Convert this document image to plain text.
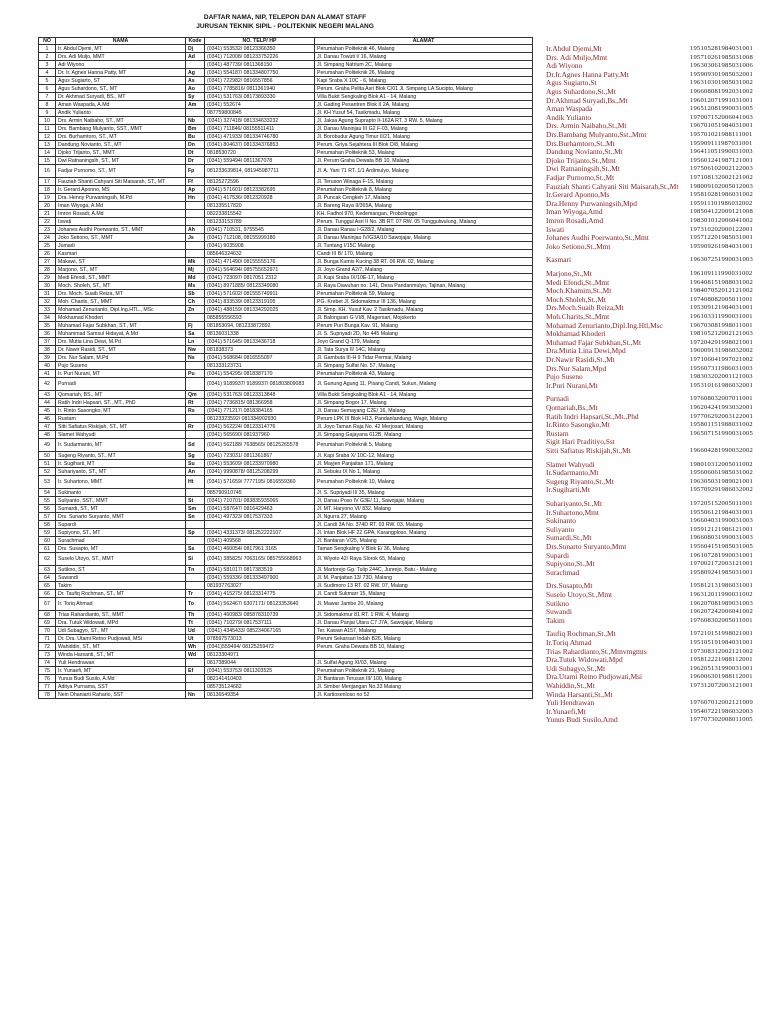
DAFTAR NAMA, NIP, TELEPON DAN ALAMAT STAFF
JURUSAN TEKNIK SIPIL - POLITEKNIK NEGERI MALANG
NO	NAMA	Kode	NO. TELP/ HP	ALAMAT
1	Ir. Abdul Djemi, MT	Dj	(0341) 553532/ 08123366350	Perumahan Politeknik 46, Malang
2	Drs. Adi Muljo, MMT	Ad	(0341) 712008/ 081233752226	Jl. Danau Towuti I/ 16, Malang
3	Adi Wiyono		(0341) 487739/ 0811368150	Jl. Simpang Natrium 2C, Malang
4	Dr. Ir. Agnes Hanna Patty, MT	Ag	(0341) 554187/ 081334807750	Perumahan Politeknik 26, Malang
5	Agus Sugiarto, ST	As	(0341) 722982/ 0816557856	Kapi Sraba X 10C - 6, Malang
6	Agus Suhardono, ST., MT	Ao	(0341) 7785816/ 0811361940	Perum. Graha Pelita Asri Blok C/01 Jl. Simpang LA Sucipto, Malang
7	Dr. Akhmad Suryadi, BS., MT	Sy	(0341) 531763/ 08173893330	Villa Bukit Sengkaling Blok A1 - 14, Malang
8	Aman Waspada, A.Md	Am	(0341) 552674	Jl. Gading Pesantren Blok II 2A, Malang
9	Andik Yulianto		087759800845	Jl. KH Yusuf 54, Tasikmadu, Malang
10	Drs. Armin Naibaho, ST., MT	Nb	(0341) 327418/ 081334633232	Jl. Jaksa Agung Suprapto II-162A RT. 3 RW. 5, Malang
11	Drs. Bambang Mulyanto, SST., MMT	Bm	(0341) 711846/ 08155511411	Jl. Danau Maninjau III G2 F-03, Malang
12	Drs. Burhamtoro, ST., MT	Bu	(0341) 471933/ 081334746780	Jl. Borobudur Agung Timur II/21, Malang
13	Dandung Novianto, ST., MT	Dn	(0341) 804637/ 081334376853	Perum. Griya Sejahtera III Blok D/8, Malang
14	Djoko Trijanto, ST., MMT	Dt	0818530720	Perumahan Politeknik 53, Malang
15	Dwi Ratnaningsih, ST., MT	Dr	(0341) 559494/ 0811367078	Jl. Perum Graha Dewata BB 10, Malang
16	Fadjar Purnomo, ST., MT	Fp	081233639814, 081945987711	Jl. A. Yani 71 RT. 1/1 Ardimulyo, Malang
17	Fauziah Shanti Cahyani Siti Maisarah, ST., MT	Ff	08125272596	Jl. Teruson Winaga F-15, Malang
18	Ir. Gerard Aponno, MS	Ap	(0341) 571601/ 08123382695	Perumahan Politeknik 8, Malang
19	Dra. Henny Purwaningsih, M.Pd	Hn	(0341) 417536/ 0812320928	Jl. Puncak Cengkeh 17, Malang
20	Iman Wiyoga, A.Md		081335517820	Jl. Bareng Raya II/365A, Malang
21	Imron Rosadi, A.Md		082233815542	KH. Fadhol 970, Kedemangan, Probolinggo
22	Iswati		081233153789	Perum. Tunggul Asri II No. 3B RT. 07 RW. 05 Tunggulwulung, Malang
23	Johanes Audhi Poerwanto, ST., MMT	Ah	(0341) 710531, 9755545	Jl. Danau Ranau I-G28/2, Malang
24	Joko Setiono, ST., MMT	Js	(0341) 712108, 08155999180	Jl. Danau Maninjau IV/G3A/10 Sawojajar, Malang
25	Jumadi		(0341) 9035908	Jl. Tuntang I/15C Malang
26	Kasmari		085646324632	Candi III B/ 170, Malang
27	Makawi, ST	Mk	(0341) 471490/ 08155555176	Jl. Bunga Kumis Kucing 38 RT. 06 RW. 02, Malang
28	Marjono, ST., MT	Mj	(0341) 564694/ 085755652971	Jl. Joyo Grand A2/7, Malang
29	Medi Efendi, ST., MMT	Md	(0341) 723097/ 0817051 2312	Jl. Kapi Sraba IX/10E-17, Malang
30	Moch. Sholeh, ST., MT	Ms	(0341) 8971885/ 08123349080	Jl. Raya Dawuhan no. 141, Desa Pandanmulyo, Tajinan, Malang
31	Drs. Moch. Suaib Reiza, MT	Sb	(0341) 571602/ 081555749911	Perumahan Politeknik 59, Malang
32	Moh. Charits, ST., MMT	Ch	(0341) 833539/ 08123319105	PG. Krebet Jl. Sidomakmur III 136, Malang
33	Mohamad Zenurianto, Dipl.Ing.HTL., MSc	Zn	(0341) 488159/ 081334292025	Jl. Simp. KH. Yusuf Kav. 2 Tasikmadu, Malang
34	Mokhamad Khoderi		085855556593	Jl. Balongsari G VI/8, Magersari, Mojokerto
35	Muhamad Fajar Subkhan, ST., MT	Fj	081853094, 081233872892	Perum Puri Bunga Kav. 91, Malang
36	Muhammad Samsul Hidayat, A.Md	Sa	08136031338	Jl. S. Supriyadi 2D, No 445 Malang
37	Drs. Mutia Lina Dewi, M.Pd	Ln	(0341) 571645/ 08133436718	Joyo Grand Q-179, Malang
38	Dr. Nawir Rasidi, ST., MT	Nw	081838373	Jl. Tata Surya II/ 14C, Malang
39	Drs. Nur Salam, M.Pd	Ns	(0341) 568684/ 0816555097	Jl. Gambuta III-H 9 Tidar Permai, Malang
40	Pujo Suseno		081333123731	Jl. Simpang Sulfat No. 57, Malang
41	Ir. Puri Nurani, MT	Pu	(0341) 554295/ 0818387170	Perumahan Politeknik 43, Malang
42	Purnadi		(0341) 9189937/ 9189937/ 081803809083	Jl. Gunung Agung 11, Pisang Candi, Sukun, Malang
43	Qomariah, BS., MT	Qm	(0341) 531763/ 08123313848	Villa Bukit Sengkaling Blok A1 - 14, Malang
44	Ratih Indri Hapsari, ST., MT., PhD	Rt	(0341) 7736815/ 081366958	Jl. Simpang Bogor 17, Malang
45	Ir. Rinto Sasongko, MT	Rs	(0341) 771217/ 0818384165	Jl. Danau Semayang C2E/ 16, Malang
46	Rustam		08123323592/ 081334902930	Perum LPK III Blok H13, Pandanlandung, Wagir, Malang
47	Sitti Safiatus Riskijah, ST., MT	Rr	(0341) 562224/ 08123314776	Jl. Joyo Taman Raja No. 42 Merjosari, Malang
48	Slamet Wahyudi		(0341) 565690/ 081937960	Jl. Simpang Gajayana 612B, Malang
49	Ir. Sudarmanto, MT	Sd	(0341) 562188/ 7638565/ 08125265578	Perumahan Politeknik 5, Malang
50	Sugeng Riyanto, ST., MT	Sg	(0341) 723031/ 0811361867	Jl. Kapi Sraba X/ 10C-12, Malang
51	Ir. Sugiharti, MT	Su	(0341) 553609/ 081233970980	Jl. Mayjen Panjaitan 171, Malang
52	Suhariyanto, ST., MT	An	(0341) 9990878/ 08125208299	Jl. Sebuku IX No 1, Malang
53	Ir. Suhartono, MMT	Ht	(0341) 571659/ 7777195/ 0816559360	Perumahan Politeknik 10, Malang
54	Sukinanto		085790910745	Jl. S. Supriyadi II/ 35, Malang
55	Suliyanto, SST., MMT	St	(0341) 710701/ 083835935065	Jl. Danau Poso IV G3E/ 11, Sawojajar, Malang
56	Sumardi, ST., MT	Sm	(0341) 587647/ 0816429463	Jl. MT. Haryono VI/ 832, Malang
57	Drs. Sunarto Suryanto, MMT	Sn	(0341) 497323/ 0817537333	Jl. Ngurra 27, Malang
58	Supardi			Jl. Candi 3A No. 374D RT. 03 RW. 03, Malang
59	Supiyono, ST., MT	Sp	(0341) 4331373/ 081252222107	Jl. Intan Blok HF 22 GPA, Karangploso, Malang
60	Surachmad		(0341) 409568	Jl. Bantaran V/25, Malang
61	Drs. Susapto, MT	Ss	(0341) 460054/ 0817961 3165	Taman Sengkaling V Blok E/ 36, Malang
62	Suselo Utoyo, ST., MMT	Si	(0341) 385825/ 7063165/ 085755668963	Jl. Wiyoto 42/ Raya Slorok 65, Malang
63	Sutikno, ST	Tn	(0341) 581017/ 0817383519	Jl. Martorejo Gg. Tulip 244C, Junrejo, Batu - Malang
64	Suwandi		(0341) 559336/ 081333497900	Jl. M. Panjaitan 13/ 73D, Malang
65	Takim		081937763027	Jl. Sudimoro 13 RT. 02 RW. 07, Malang
66	Dr. Taufiq Rochman, ST., MT	Tr	(0341) 415275/ 08123314775	Jl. Candi Sukmarr 15, Malang
67	Ir. Toriq Ahmad	To	(0341) 562467/ 6307171/ 08123353640	Jl. Mawar Jambe 20, Malang
68	Trias Rahardianto, ST., MMT	Th	(0341) 460983/ 085878310739	Jl. Sidomakmur 81 RT. 1 RW. 4, Malang
69	Dra. Tutuk Widowati, MPd	Tt	(0341) 710279/ 0817537111	Jl. Danau Panjai Utara C7 J7A, Sawojajar, Malang
70	Udi Subagyo, ST., MT	Ud	(0341) 4345433/ 085234067165	Ter. Kawan A157, Malang
71	Dr. Dra. Utami Retno Pudjowati, MSi	Ut	078597573013	Perum Sekarsari Indah B26, Malang
72	Wahiddin, ST., MT	Wh	(0341)559494/ 08125259472	Perum. Graha Dewata BB 10, Malang
73	Winda Harsanti, ST., MT	Wd	08123304971	
74	Yuli Hendrawan		0817389044	Jl. Sulfat Agung XI/03, Malang
75	Ir. Yunaefi, MT	Ef	(0341) 553753/ 0811303525	Perumahan Politeknik 21, Malang
76	Yunus Budi Susilo, A.Md		082141410403	Jl. Bantaran Terusan III/ 100, Malang
77	Aditya Purnama, SST		085735124682	Jl. Simber Menjangan No.33 Malang
78	Nein Dhaniarti Rahario, SST	Nn	08136549354	Jl. Kartiosenloso no 52
Ir.Abdul Djemi,Mt	195105281984031001
Drs. Adi Muljo,Mmt	195710261985031008
Adi Wiyono	196303061985031006
Dr.Ir.Agnes Hanna Patty,Mt	195909301985032001
Agus Sugiarto,St	196310301985031002
Agus Suhardono,St.,Mt	196608081992031002
Dr.Akhmad Suryadi,Bs.,Mt	196012071991031001
Aman Waspada	196512081990031005
Andik Yulianto	197007152006041003
Drs. Armin Naibaho,St.,Mt	196701051984031001
Drs.Bambang Mulyanto,Sst.,Mmt	195701021988111001
Drs.Burhamtoro,St.,Mt	195909111987031001
Dandung Novianto,St.,Mt	196411051990031003
Djoko Trijanto,St.,Mmt	195601241987121001
Dwi Ratnaningsih,St.,Mt	197506102002122003
Fadjar Purnomo,St.,Mt	197108132002121002
Fauziah Shanti Cahyani Siti Maisarah,St.,Mt 198009102005012003
Ir.Gerard Aponno,Ms	195810281986031002
Dra.Henny Purwaningsih,Mpd	195911101986032002
Iman Wiyoga,Amd	198504122009121008
Imron Rosadi,Amd	198301012006041002
Iswati	197310202000122001
Johanes Audhi Poerwanto,St.,Mmt	195712201985031001
Joko Setiono,St.,Mmt	195909261984031001
Kasmari	196307251990031003
Marjono,St.,Mt	196109111990031002
Medi Efendi,St.,Mmt	196408151988031002
Moch.Khamim,St.,Mt	198407052012121002
Moch.Sholeh,St.,Mt	197408082005011001
Drs.Moch.Suaib Reiza,Mt	195309121984031001
Moh.Charits,St.,Mmt	196103311990031001
Mohamad Zenurianto,Dipl.Ing.Htl,Msc	196703081998011001
Mokhamad Khoderi	198105212002121003
Muhamad Fajar Subkhan,St.,Mt	197204291998021001
Dra.Mutia Lina Dewi,Mpd	196009131986032002
Dr.Nawir Rasidi,St.,Mt	197106041997021002
Drs.Nur Salam,Mpd	195607311986031003
Pujo Suseno	198303202001121003
Ir.Puri Nurani,Mt	195310161986032001
Purnadi	197608032007011001
Qomariah,Bs.,Mt	196204241993032001
Ratih Indri Hapsari,St.,Mt.,Phd	197706292003122001
Ir.Rinto Sasongko,Mt	195801151988031002
Rustam	196507151990031005
Sigit Hari Praditiyo,Sst
Sitti Safiatus Riskijah,St.,Mt	196604281990032002
Slamet Wahyudi	198010312005011002
Ir.Sudarmanto,Mt	195606061985031002
Sugeng Riyanto,St.,Mt	196305031989021001
Ir.Sugiharti,Mt	195709291986032002
Suhariyanto,St.,Mt	197205152005011001
Ir.Suhartono,Mmt	195506121984031001
Sukinanto	196604031990031003
Suliyanto	195912121986121001
Sumardi,St.,Mt	196608031990031003
Drs.Sunarto Suryanto,Mmt	195604151985031005
Supardi	196107281990031001
Supiyono,St.,Mt	197002172003121001
Surachmad	195809241985031001
Drs.Susapto,Mt	195812131986031001
Suselo Utoyo,St.,Mmt	196312011990031002
Sutikno	196207081989031003
Suwandi	196207242006041002
Takim	197608302005011001
Taufiq Rochman,St.,Mt	197210151998021001
Ir.Toriq Ahmad	195105191984031001
Trias Rahardianto,St.,Mmvmgmts	197308312002121002
Dra.Tutuk Widowati,Mpd	195812221988112001
Udi Subagyo,St.,Mt	196205131990031001
Dra.Utami Retno Pudjowati,Msi	196006301988112001
Wahiddin,St.,Mt	197312072003121001
Winda Harsanti,St.,Mt
Yuli Hendrawan	197607012002121009
Ir.Yunaefi,Mt	195407221986032003
Yunus Budi Susilo,Amd	197707302008011005
